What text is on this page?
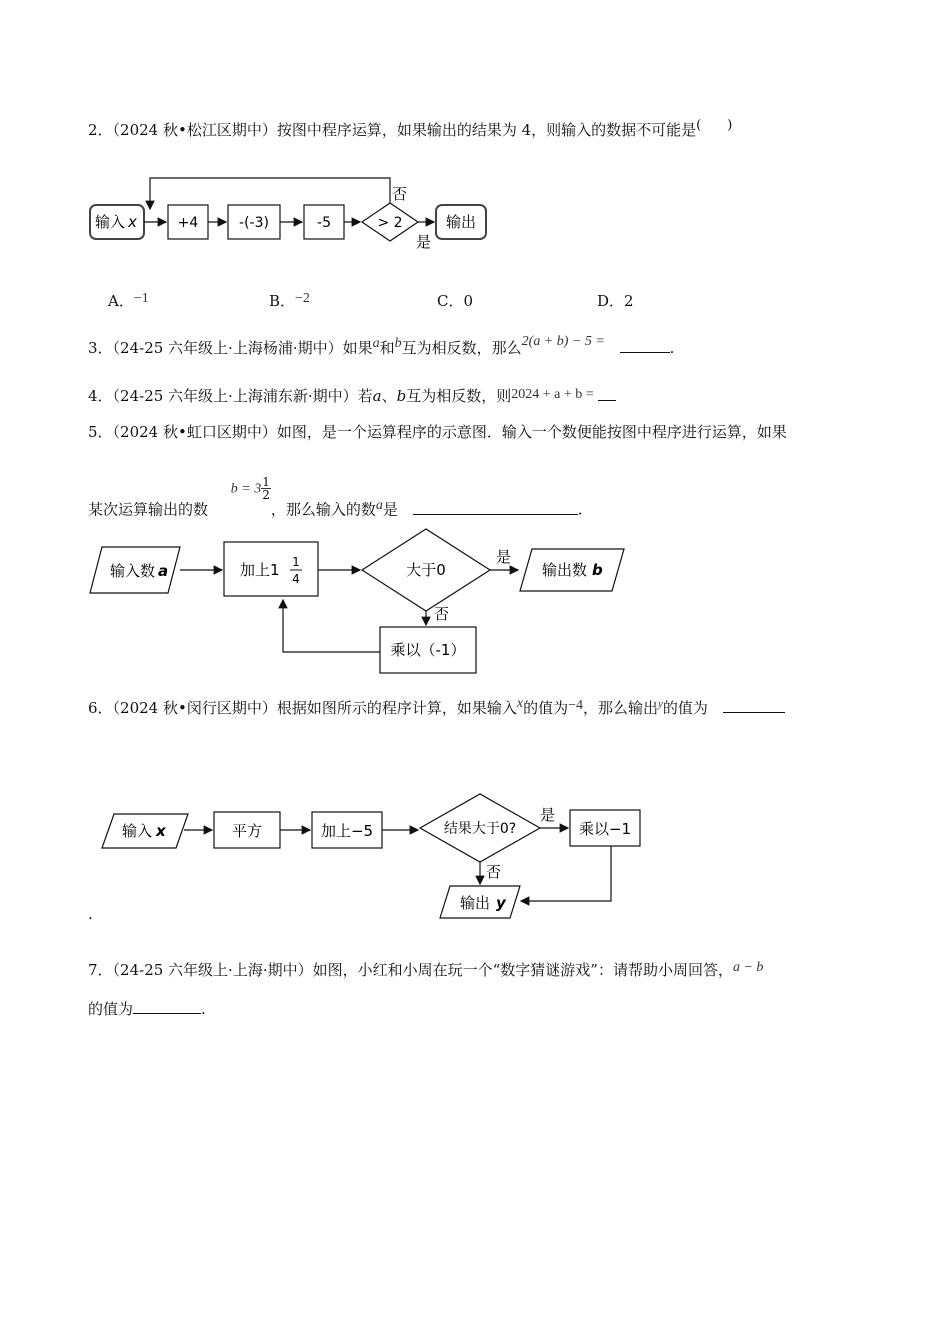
2．（2024 秋•松江区期中）按图中程序运算，如果输出的结果为 4，则输入的数据不可能是(　　)
输入 x	+4	-(-3)	-5	> 2
否
是
输出
A．−1	B．−2	C．0	D．2
3．（24-25 六年级上·上海杨浦·期中）如果a和b互为相反数，那么2(a + b) − 5 =	.
4．（24-25 六年级上·上海浦东新·期中）若a、b互为相反数，则2024 + a + b =
5．（2024 秋•虹口区期中）如图，是一个运算程序的示意图．输入一个数便能按图中程序进行运算，如果
某次运算输出的数 $b = 3 \frac{1}{2}$
，那么输入的数a是	.
输入数 a	加上1 1
4	大于0
是
输出数 b
否
乘以（-1）
6．（2024 秋•闵行区期中）根据如图所示的程序计算，如果输入x的值为−4，那么输出$^y$的值为
输入 x	平方	加上−5	结果大于0?
是
乘以−1
否
输出 y
.
7．（24-25 六年级上·上海·期中）如图，小红和小周在玩一个“数字猜谜游戏”：请帮助小周回答，a − b
的值为	.
